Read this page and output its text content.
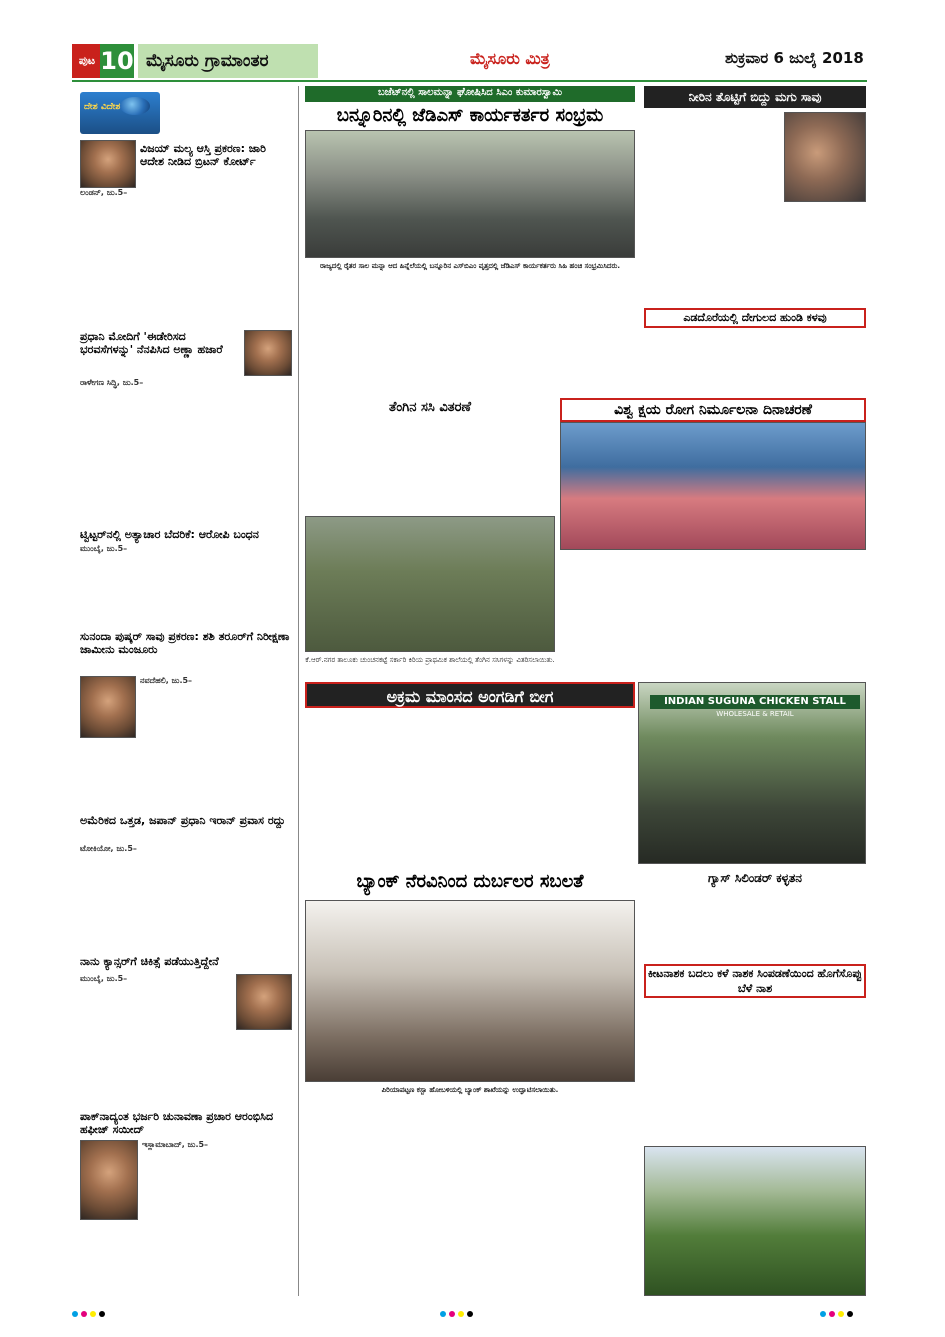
ಪುಟ 10 ಮೈಸೂರು ಗ್ರಾಮಾಂತರ	ಮೈಸೂರು ಮಿತ್ರ	ಶುಕ್ರವಾರ 6 ಜುಲೈ 2018
ದೇಶ ವಿದೇಶ
ವಿಜಯ್ ಮಲ್ಯ ಆಸ್ತಿ ಪ್ರಕರಣ: ಜಾರಿ ಆದೇಶ ನೀಡಿದ ಬ್ರಿಟನ್ ಕೋರ್ಟ್
ಲಂಡನ್, ಜು.5–
ಪ್ರಧಾನಿ ಮೋದಿಗೆ 'ಈಡೇರಿಸದ ಭರವಸೆಗಳನ್ನು' ನೆನಪಿಸಿದ ಅಣ್ಣಾ ಹಜಾರೆ
ರಾಳೇಗಣ ಸಿದ್ಧಿ, ಜು.5–
ಟ್ವಿಟ್ಟರ್‌ನಲ್ಲಿ ಅತ್ಯಾಚಾರ ಬೆದರಿಕೆ: ಆರೋಪಿ ಬಂಧನ
ಮುಂಬೈ, ಜು.5–
ಸುನಂದಾ ಪುಷ್ಕರ್ ಸಾವು ಪ್ರಕರಣ: ಶಶಿ ತರೂರ್‌ಗೆ ನಿರೀಕ್ಷಣಾ ಜಾಮೀನು ಮಂಜೂರು
ನವದೆಹಲಿ, ಜು.5–
ಅಮೆರಿಕದ ಒತ್ತಡ, ಜಪಾನ್ ಪ್ರಧಾನಿ ಇರಾನ್ ಪ್ರವಾಸ ರದ್ದು
ಟೋಕಿಯೋ, ಜು.5–
ನಾನು ಕ್ಯಾನ್ಸರ್‌ಗೆ ಚಿಕಿತ್ಸೆ ಪಡೆಯುತ್ತಿದ್ದೇನೆ
ಮುಂಬೈ, ಜು.5–
ಪಾಕ್‌ನಾದ್ಯಂತ ಭರ್ಜರಿ ಚುನಾವಣಾ ಪ್ರಚಾರ ಆರಂಭಿಸಿದ ಹಫೀಜ್ ಸಯೀದ್
ಇಸ್ಲಾಮಾಬಾದ್, ಜು.5–
ಬಜೆಟ್‌ನಲ್ಲಿ ಸಾಲಮನ್ನಾ ಘೋಷಿಸಿದ ಸಿಎಂ ಕುಮಾರಸ್ವಾಮಿ
ಬನ್ನೂರಿನಲ್ಲಿ ಜೆಡಿಎಸ್ ಕಾರ್ಯಕರ್ತರ ಸಂಭ್ರಮ
ರಾಜ್ಯದಲ್ಲಿ ರೈತರ ಸಾಲ ಮನ್ನಾ ಆದ ಹಿನ್ನೆಲೆಯಲ್ಲಿ ಬನ್ನೂರಿನ ಎಸ್‌ಬಿಎಂ ವೃತ್ತದಲ್ಲಿ ಜೆಡಿಎಸ್ ಕಾರ್ಯಕರ್ತರು ಸಿಹಿ ಹಂಚಿ ಸಂಭ್ರಮಿಸಿದರು.
ತೆಂಗಿನ ಸಸಿ ವಿತರಣೆ
ಕೆ.ಆರ್.ನಗರ ತಾಲೂಕು ಚುಂಚನಕಟ್ಟೆ ಸರ್ಕಾರಿ ಕಿರಿಯ ಪ್ರಾಥಮಿಕ ಶಾಲೆಯಲ್ಲಿ ತೆಂಗಿನ ಸಸಿಗಳನ್ನು ವಿತರಿಸಲಾಯಿತು.
ನೀರಿನ ತೊಟ್ಟಿಗೆ ಬಿದ್ದು ಮಗು ಸಾವು
ಎಡದೊರೆಯಲ್ಲಿ ದೇಗುಲದ ಹುಂಡಿ ಕಳವು
ವಿಶ್ವ ಕ್ಷಯ ರೋಗ ನಿರ್ಮೂಲನಾ ದಿನಾಚರಣೆ
ಅಕ್ರಮ ಮಾಂಸದ ಅಂಗಡಿಗೆ ಬೀಗ	INDIAN SUGUNA CHICKEN STALL
WHOLESALE & RETAIL
ಬ್ಯಾಂಕ್ ನೆರವಿನಿಂದ ದುರ್ಬಲರ ಸಬಲತೆ
ಪಿರಿಯಾಪಟ್ಟಣ ಕಸ್ಬಾ ಹೋಬಳಿಯಲ್ಲಿ ಬ್ಯಾಂಕ್ ಶಾಖೆಯನ್ನು ಉದ್ಘಾಟಿಸಲಾಯಿತು.
ಗ್ಯಾಸ್ ಸಿಲಿಂಡರ್ ಕಳ್ಳತನ
ಕೀಟನಾಶಕ ಬದಲು ಕಳೆ ನಾಶಕ ಸಿಂಪಡಣೆಯಿಂದ ಹೊಗೆಸೊಪ್ಪು ಬೆಳೆ ನಾಶ
